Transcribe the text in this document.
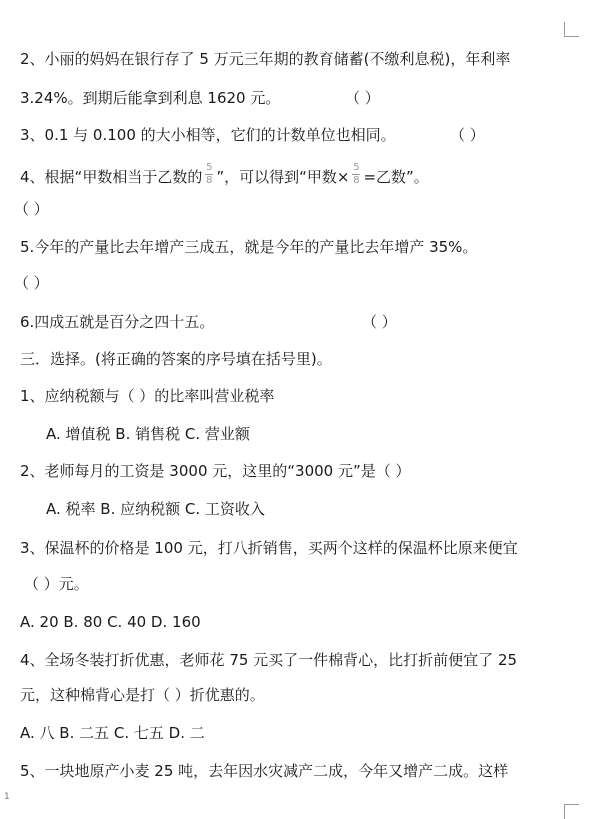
2、小丽的妈妈在银行存了 5 万元三年期的教育储蓄(不缴利息税)，年利率
3.24%。到期后能拿到利息 1620 元。	（ ）
3、0.1 与 0.100 的大小相等，它们的计数单位也相同。	（ ）
4、根据“甲数相当于乙数的 $\frac{5}{8}$ ”，可以得到“甲数× $\frac{5}{8}$ =乙数”。
（ ）
5.今年的产量比去年增产三成五，就是今年的产量比去年增产 35%。
（ ）
6.四成五就是百分之四十五。	（ ）
三．选择。(将正确的答案的序号填在括号里)。
1、应纳税额与（ ）的比率叫营业税率
A. 增值税 B. 销售税 C. 营业额
2、老师每月的工资是 3000 元，这里的“3000 元”是（ ）
A. 税率 B. 应纳税额 C. 工资收入
3、保温杯的价格是 100 元，打八折销售，买两个这样的保温杯比原来便宜
（ ）元。
A. 20 B. 80 C. 40 D. 160
4、全场冬装打折优惠，老师花 75 元买了一件棉背心，比打折前便宜了 25
元，这种棉背心是打（ ）折优惠的。
A. 八 B. 二五 C. 七五 D. 二
5、一块地原产小麦 25 吨，去年因水灾减产二成，今年又增产二成。这样
1
